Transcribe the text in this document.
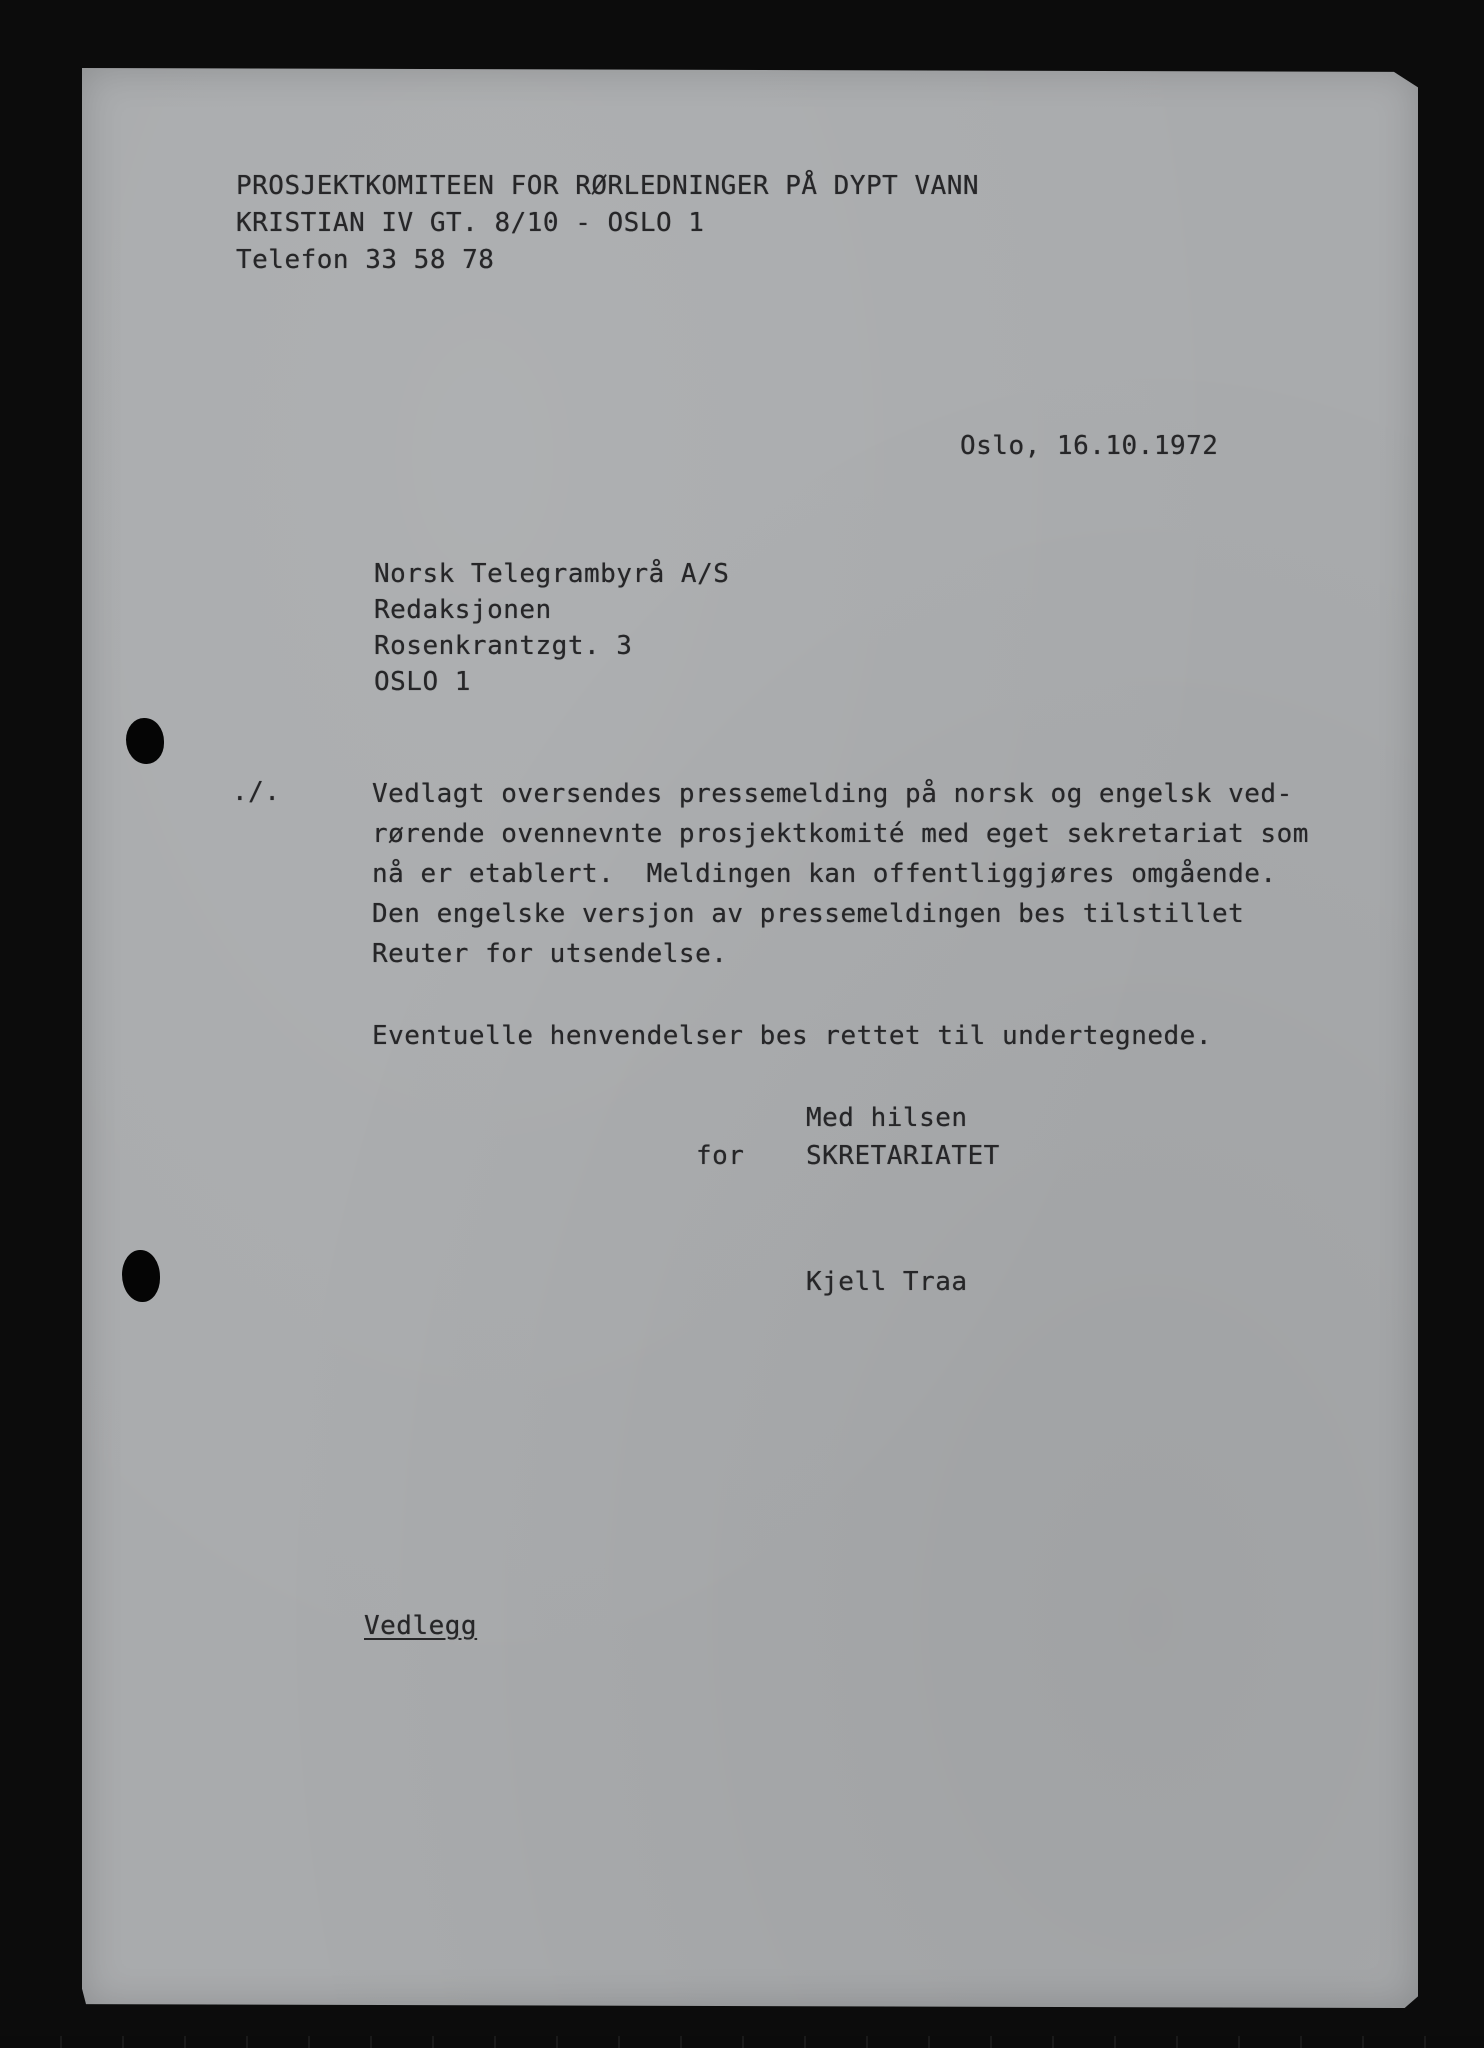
PROSJEKTKOMITEEN FOR RØRLEDNINGER PÅ DYPT VANN
KRISTIAN IV GT. 8/10 - OSLO 1
Telefon 33 58 78
Oslo, 16.10.1972
Norsk Telegrambyrå A/S
Redaksjonen
Rosenkrantzgt. 3
OSLO 1
./.	Vedlagt oversendes pressemelding på norsk og engelsk ved-
rørende ovennevnte prosjektkomité med eget sekretariat som
nå er etablert.  Meldingen kan offentliggjøres omgående.
Den engelske versjon av pressemeldingen bes tilstillet
Reuter for utsendelse.
Eventuelle henvendelser bes rettet til undertegnede.
Med hilsen
for SKRETARIATET
Kjell Traa
Vedlegg
